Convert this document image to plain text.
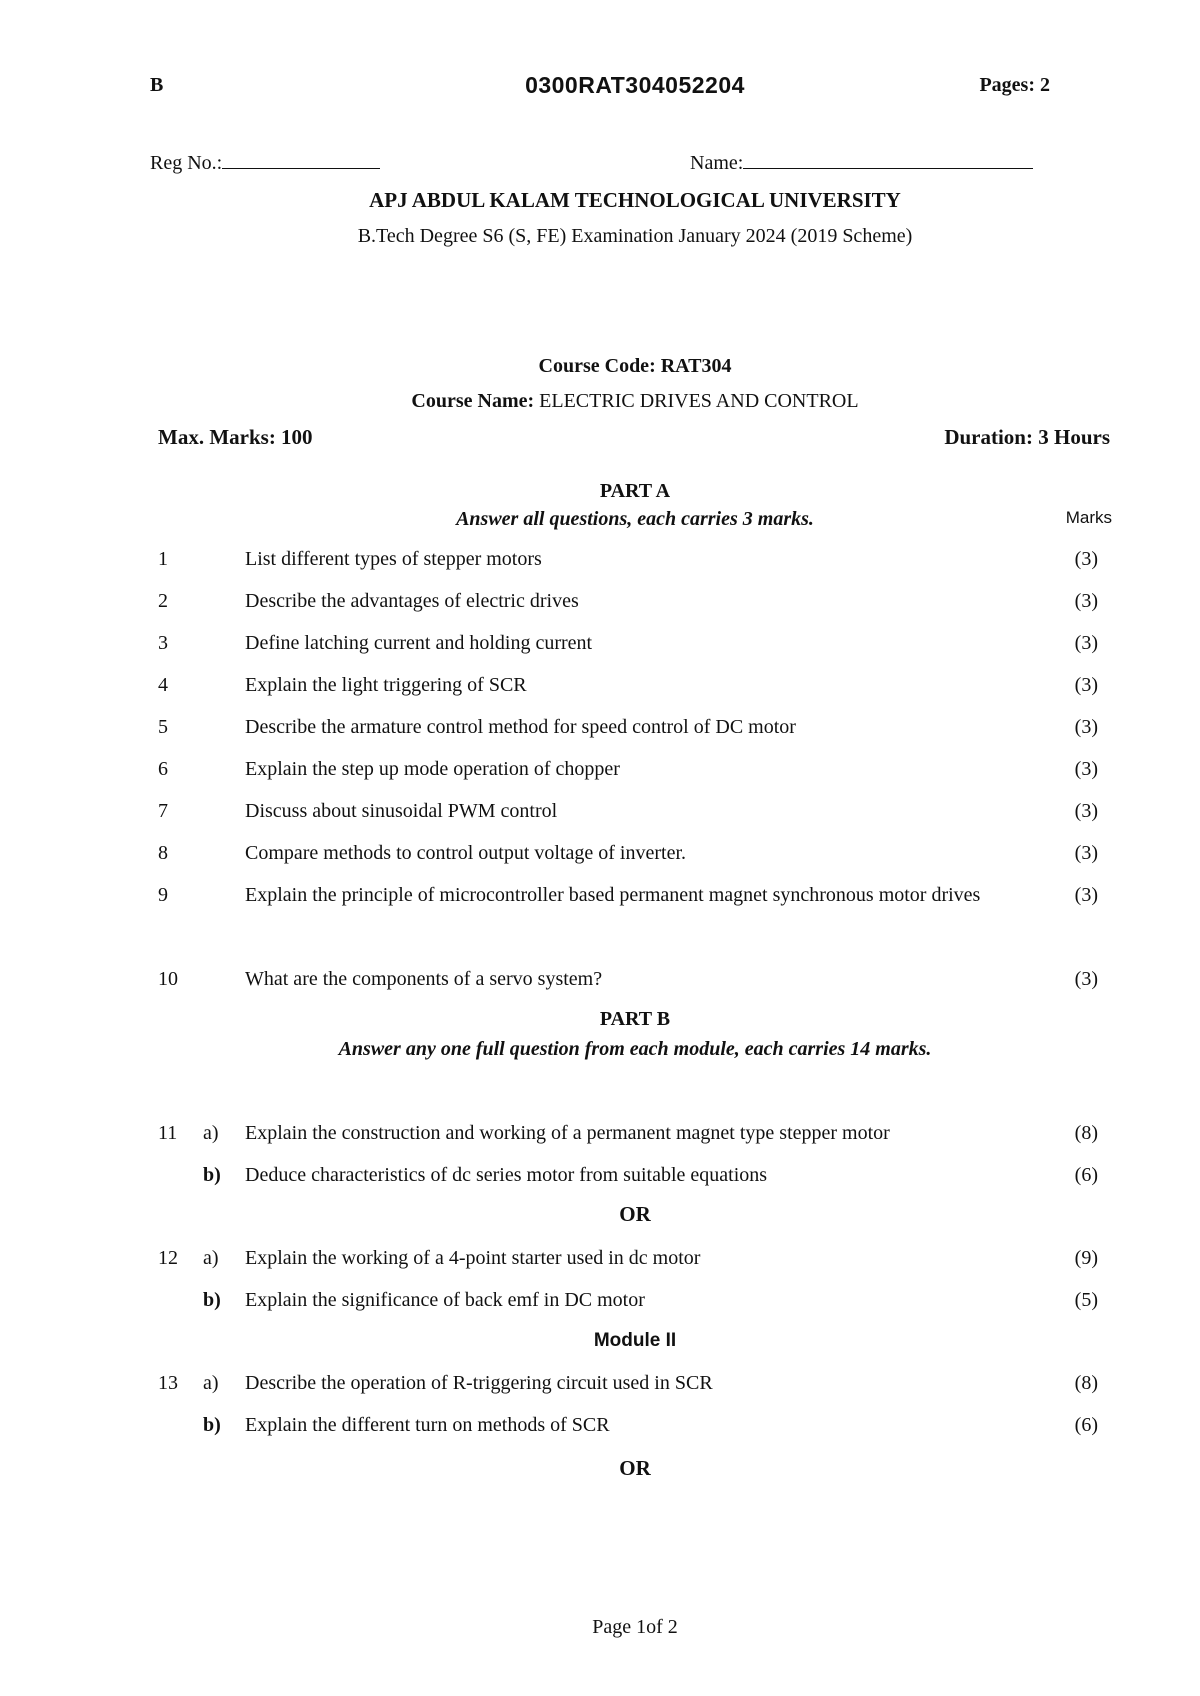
B	0300RAT304052204	Pages: 2
Reg No.:	Name:
APJ ABDUL KALAM TECHNOLOGICAL UNIVERSITY
B.Tech Degree S6 (S, FE) Examination January 2024 (2019 Scheme)
Course Code: RAT304
Course Name: ELECTRIC DRIVES AND CONTROL
Max. Marks: 100	Duration: 3 Hours
PART A
Answer all questions, each carries 3 marks.	Marks
1	List different types of stepper motors	(3)
2	Describe the advantages of electric drives	(3)
3	Define latching current and holding current	(3)
4	Explain the light triggering of SCR	(3)
5	Describe the armature control method for speed control of DC motor	(3)
6	Explain the step up mode operation of chopper	(3)
7	Discuss about sinusoidal PWM control	(3)
8	Compare methods to control output voltage of inverter.	(3)
9	Explain the principle of microcontroller based permanent magnet synchronous motor drives	(3)
10	What are the components of a servo system?	(3)
PART B
Answer any one full question from each module, each carries 14 marks.
11 a) Explain the construction and working of a permanent magnet type stepper motor	(8)
b) Deduce characteristics of dc series motor from suitable equations	(6)
OR
12 a) Explain the working of a 4-point starter used in dc motor	(9)
b) Explain the significance of back emf in DC motor	(5)
Module II
13 a) Describe the operation of R-triggering circuit used in SCR	(8)
b) Explain the different turn on methods of SCR	(6)
OR
Page 1of 2
